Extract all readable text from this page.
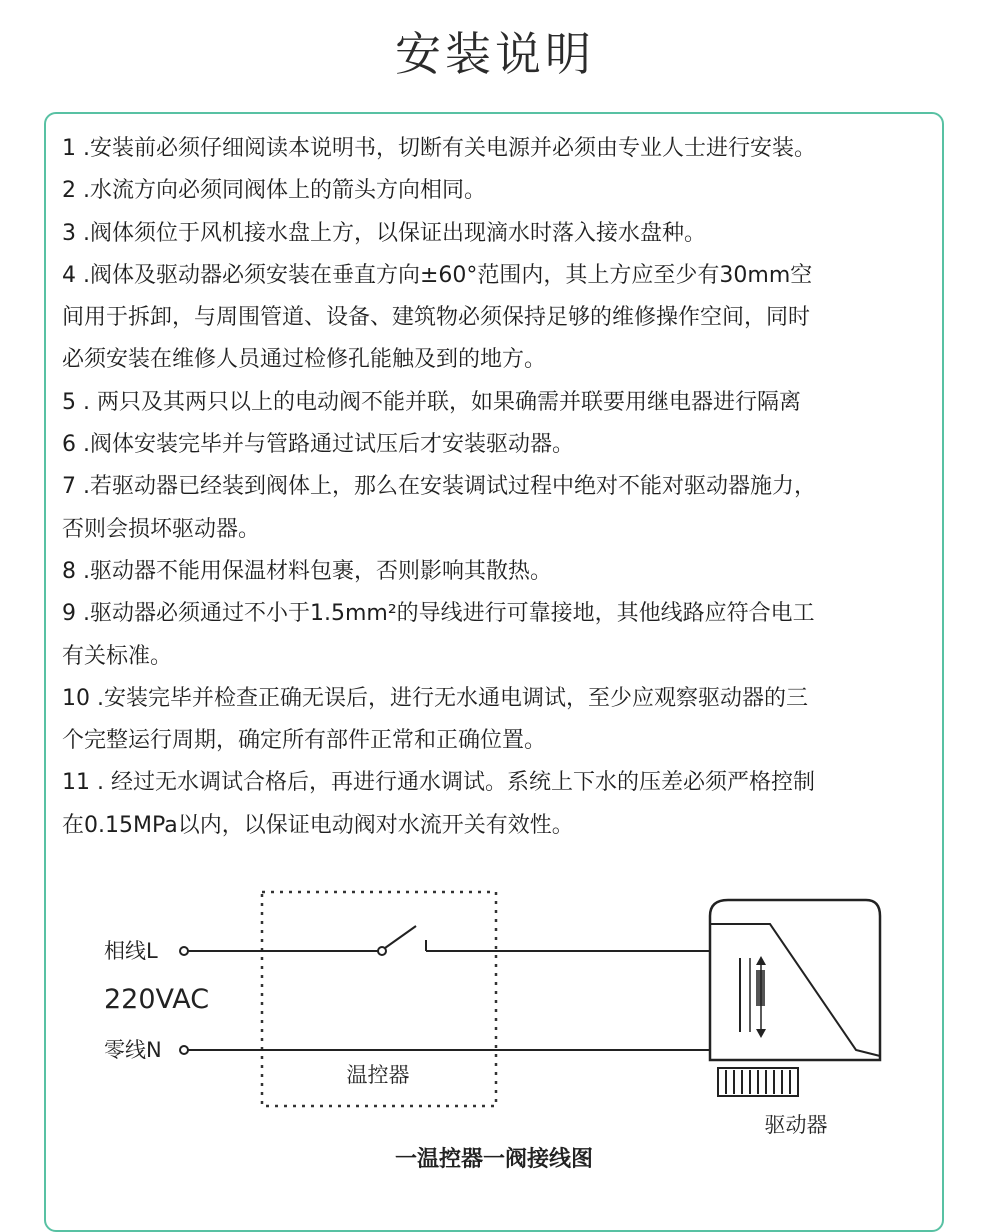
安装说明
1 .安装前必须仔细阅读本说明书，切断有关电源并必须由专业人士进行安装。
2 .水流方向必须同阀体上的箭头方向相同。
3 .阀体须位于风机接水盘上方，以保证出现滴水时落入接水盘种。
4 .阀体及驱动器必须安装在垂直方向±60°范围内，其上方应至少有30mm空
间用于拆卸，与周围管道、设备、建筑物必须保持足够的维修操作空间，同时
必须安装在维修人员通过检修孔能触及到的地方。
5 . 两只及其两只以上的电动阀不能并联，如果确需并联要用继电器进行隔离
6 .阀体安装完毕并与管路通过试压后才安装驱动器。
7 .若驱动器已经装到阀体上，那么在安装调试过程中绝对不能对驱动器施力，
否则会损坏驱动器。
8 .驱动器不能用保温材料包裹，否则影响其散热。
9 .驱动器必须通过不小于1.5mm²的导线进行可靠接地，其他线路应符合电工
有关标准。
10 .安装完毕并检查正确无误后，进行无水通电调试，至少应观察驱动器的三
个完整运行周期，确定所有部件正常和正确位置。
11 . 经过无水调试合格后，再进行通水调试。系统上下水的压差必须严格控制
在0.15MPa以内，以保证电动阀对水流开关有效性。
相线L
220VAC
零线N
温控器
驱动器
一温控器一阀接线图
